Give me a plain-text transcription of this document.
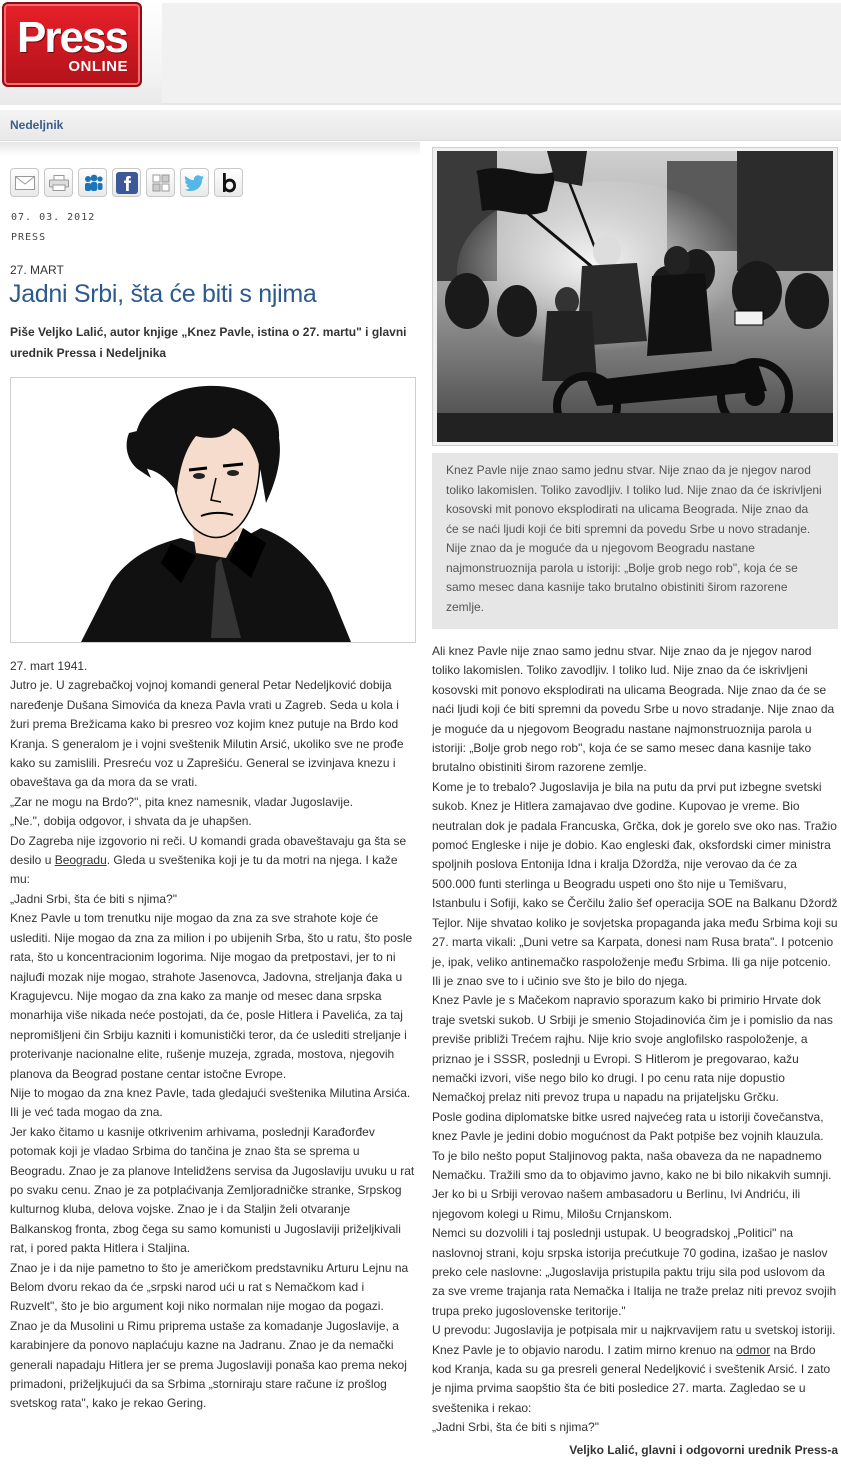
Press
ONLINE
Nedeljnik
07. 03. 2012
PRESS
27. MART
Jadni Srbi, šta će biti s njima

Piše Veljko Lalić, autor knjige „Knez Pavle, istina o 27. martu" i glavni urednik Pressa i Nedeljnika

27. mart 1941.

Jutro je. U zagrebačkoj vojnoj komandi general Petar Nedeljković dobija naređenje Dušana Simovića da kneza Pavla vrati u Zagreb. Seda u kola i žuri prema Brežicama kako bi presreo voz kojim knez putuje na Brdo kod Kranja. S generalom je i vojni sveštenik Milutin Arsić, ukoliko sve ne prođe kako su zamislili. Presreću voz u Zaprešiću. General se izvinjava knezu i obaveštava ga da mora da se vrati.

„Zar ne mogu na Brdo?", pita knez namesnik, vladar Jugoslavije.

„Ne.", dobija odgovor, i shvata da je uhapšen.

Do Zagreba nije izgovorio ni reči. U komandi grada obaveštavaju ga šta se desilo u Beogradu. Gleda u sveštenika koji je tu da motri na njega. I kaže mu:

„Jadni Srbi, šta će biti s njima?"

Knez Pavle u tom trenutku nije mogao da zna za sve strahote koje će uslediti. Nije mogao da zna za milion i po ubijenih Srba, što u ratu, što posle rata, što u koncentracionim logorima. Nije mogao da pretpostavi, jer to ni najluđi mozak nije mogao, strahote Jasenovca, Jadovna, streljanja đaka u Kragujevcu. Nije mogao da zna kako za manje od mesec dana srpska monarhija više nikada neće postojati, da će, posle Hitlera i Pavelića, za taj nepromišljeni čin Srbiju kazniti i komunistički teror, da će uslediti streljanje i proterivanje nacionalne elite, rušenje muzeja, zgrada, mostova, njegovih planova da Beograd postane centar istočne Evrope.

Nije to mogao da zna knez Pavle, tada gledajući sveštenika Milutina Arsića. Ili je već tada mogao da zna.

Jer kako čitamo u kasnije otkrivenim arhivama, poslednji Karađorđev potomak koji je vladao Srbima do tančina je znao šta se sprema u Beogradu. Znao je za planove Intelidžens servisa da Jugoslaviju uvuku u rat po svaku cenu. Znao je za potplaćivanja Zemljoradničke stranke, Srpskog kulturnog kluba, delova vojske. Znao je i da Staljin želi otvaranje Balkanskog fronta, zbog čega su samo komunisti u Jugoslaviji priželjkivali rat, i pored pakta Hitlera i Staljina.

Znao je i da nije pametno to što je američkom predstavniku Arturu Lejnu na Belom dvoru rekao da će „srpski narod ući u rat s Nemačkom kad i Ruzvelt", što je bio argument koji niko normalan nije mogao da pogazi.

Znao je da Musolini u Rimu priprema ustaše za komadanje Jugoslavije, a karabinjere da ponovo naplaćuju kazne na Jadranu. Znao je da nemački generali napadaju Hitlera jer se prema Jugoslaviji ponaša kao prema nekoj primadoni, priželjkujući da sa Srbima „storniraju stare račune iz prošlog svetskog rata", kako je rekao Gering.

Knez Pavle nije znao samo jednu stvar. Nije znao da je njegov narod toliko lakomislen. Toliko zavodljiv. I toliko lud. Nije znao da će iskrivljeni kosovski mit ponovo eksplodirati na ulicama Beograda. Nije znao da će se naći ljudi koji će biti spremni da povedu Srbe u novo stradanje. Nije znao da je moguće da u njegovom Beogradu nastane najmonstruoznija parola u istoriji: „Bolje grob nego rob", koja će se samo mesec dana kasnije tako brutalno obistiniti širom razorene zemlje.

Ali knez Pavle nije znao samo jednu stvar. Nije znao da je njegov narod toliko lakomislen. Toliko zavodljiv. I toliko lud. Nije znao da će iskrivljeni kosovski mit ponovo eksplodirati na ulicama Beograda. Nije znao da će se naći ljudi koji će biti spremni da povedu Srbe u novo stradanje. Nije znao da je moguće da u njegovom Beogradu nastane najmonstruoznija parola u istoriji: „Bolje grob nego rob", koja će se samo mesec dana kasnije tako brutalno obistiniti širom razorene zemlje.

Kome je to trebalo? Jugoslavija je bila na putu da prvi put izbegne svetski sukob. Knez je Hitlera zamajavao dve godine. Kupovao je vreme. Bio neutralan dok je padala Francuska, Grčka, dok je gorelo sve oko nas. Tražio pomoć Engleske i nije je dobio. Kao engleski đak, oksfordski cimer ministra spoljnih poslova Entonija Idna i kralja Džordža, nije verovao da će za 500.000 funti sterlinga u Beogradu uspeti ono što nije u Temišvaru, Istanbulu i Sofiji, kako se Čerčilu žalio šef operacija SOE na Balkanu Džordž Tejlor. Nije shvatao koliko je sovjetska propaganda jaka među Srbima koji su 27. marta vikali: „Duni vetre sa Karpata, donesi nam Rusa brata". I potcenio je, ipak, veliko antinemačko raspoloženje među Srbima. Ili ga nije potcenio. Ili je znao sve to i učinio sve što je bilo do njega.

Knez Pavle je s Mačekom napravio sporazum kako bi primirio Hrvate dok traje svetski sukob. U Srbiji je smenio Stojadinovića čim je i pomislio da nas previše približi Trećem rajhu. Nije krio svoje anglofilsko raspoloženje, a priznao je i SSSR, poslednji u Evropi. S Hitlerom je pregovarao, kažu nemački izvori, više nego bilo ko drugi. I po cenu rata nije dopustio Nemačkoj prelaz niti prevoz trupa u napadu na prijateljsku Grčku.

Posle godina diplomatske bitke usred najvećeg rata u istoriji čovečanstva, knez Pavle je jedini dobio mogućnost da Pakt potpiše bez vojnih klauzula. To je bilo nešto poput Staljinovog pakta, naša obaveza da ne napadnemo Nemačku. Tražili smo da to objavimo javno, kako ne bi bilo nikakvih sumnji. Jer ko bi u Srbiji verovao našem ambasadoru u Berlinu, Ivi Andriću, ili njegovom kolegi u Rimu, Milošu Crnjanskom.

Nemci su dozvolili i taj poslednji ustupak. U beogradskoj „Politici" na naslovnoj strani, koju srpska istorija prećutkuje 70 godina, izašao je naslov preko cele naslovne: „Jugoslavija pristupila paktu triju sila pod uslovom da za sve vreme trajanja rata Nemačka i Italija ne traže prelaz niti prevoz svojih trupa preko jugoslovenske teritorije."

U prevodu: Jugoslavija je potpisala mir u najkrvavijem ratu u svetskoj istoriji. Knez Pavle je to objavio narodu. I zatim mirno krenuo na odmor na Brdo kod Kranja, kada su ga presreli general Nedeljković i sveštenik Arsić. I zato je njima prvima saopštio šta će biti posledice 27. marta. Zagledao se u sveštenika i rekao:

„Jadni Srbi, šta će biti s njima?"

Veljko Lalić, glavni i odgovorni urednik Press-a
